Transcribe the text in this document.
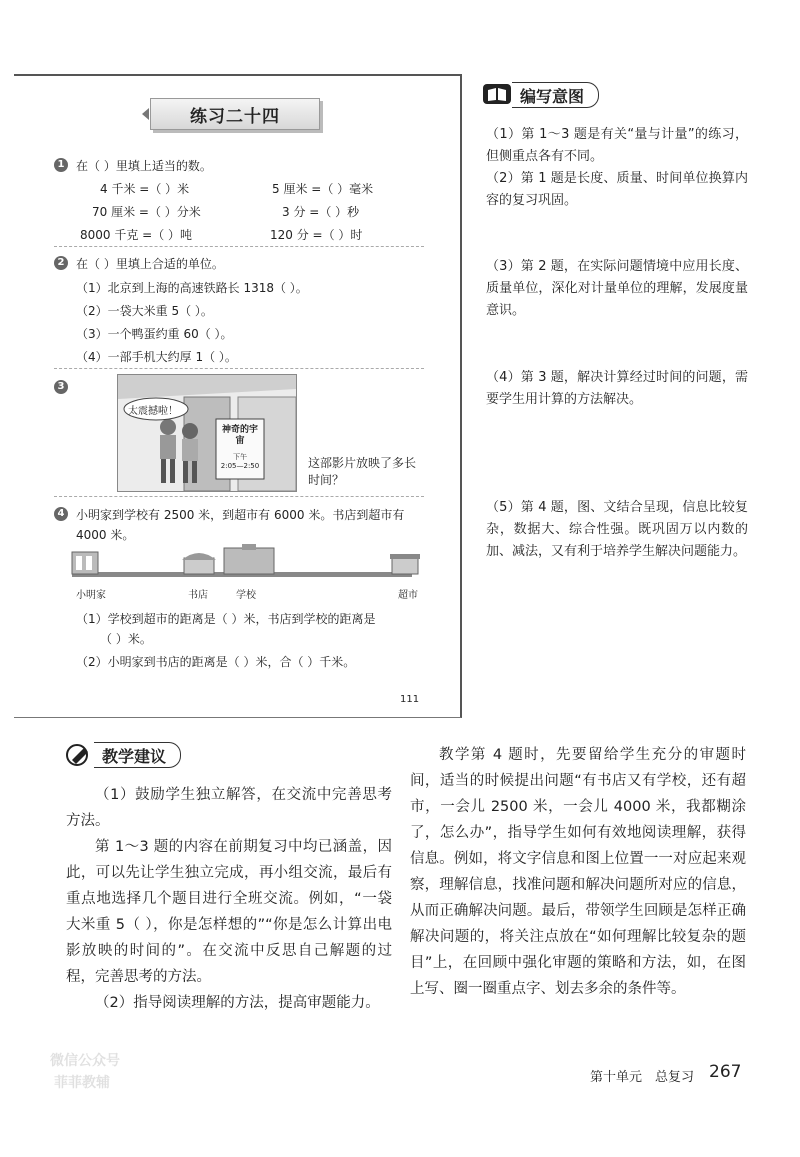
练习二十四
1 在（ ）里填上适当的数。
4 千米 =（ ）米	5 厘米 =（ ）毫米
70 厘米 =（ ）分米	3 分 =（ ）秒
8000 千克 =（ ）吨	120 分 =（ ）时
2 在（ ）里填上合适的单位。
（1）北京到上海的高速铁路长 1318（ ）。
（2）一袋大米重 5（ ）。
（3）一个鸭蛋约重 60（ ）。
（4）一部手机大约厚 1（ ）。
3
太震撼啦！
神奇的宇宙
下午
2:05—2:50	这部影片放映了多长
时间？
4 小明家到学校有 2500 米，到超市有 6000 米。书店到超市有
4000 米。
小明家	书店	学校	超市
（1）学校到超市的距离是（ ）米，书店到学校的距离是
（ ）米。
（2）小明家到书店的距离是（ ）米，合（ ）千米。
111
编写意图
（1）第 1～3 题是有关“量与计量”的练习，但侧重点各有不同。
（2）第 1 题是长度、质量、时间单位换算内容的复习巩固。
（3）第 2 题，在实际问题情境中应用长度、质量单位，深化对计量单位的理解，发展度量意识。
（4）第 3 题，解决计算经过时间的问题，需要学生用计算的方法解决。
（5）第 4 题，图、文结合呈现，信息比较复杂，数据大、综合性强。既巩固万以内数的加、减法，又有利于培养学生解决问题能力。
教学建议
（1）鼓励学生独立解答，在交流中完善思考方法。
第 1～3 题的内容在前期复习中均已涵盖，因此，可以先让学生独立完成，再小组交流，最后有重点地选择几个题目进行全班交流。例如，“一袋大米重 5（ ），你是怎样想的”“你是怎么计算出电影放映的时间的”。在交流中反思自己解题的过程，完善思考的方法。
（2）指导阅读理解的方法，提高审题能力。
教学第 4 题时，先要留给学生充分的审题时间，适当的时候提出问题“有书店又有学校，还有超市，一会儿 2500 米，一会儿 4000 米，我都糊涂了，怎么办”，指导学生如何有效地阅读理解，获得信息。例如，将文字信息和图上位置一一对应起来观察，理解信息，找准问题和解决问题所对应的信息，从而正确解决问题。最后，带领学生回顾是怎样正确解决问题的，将关注点放在“如何理解比较复杂的题目”上，在回顾中强化审题的策略和方法，如，在图上写、圈一圈重点字、划去多余的条件等。
微信公众号
菲菲教辅	第十单元　总复习 267
